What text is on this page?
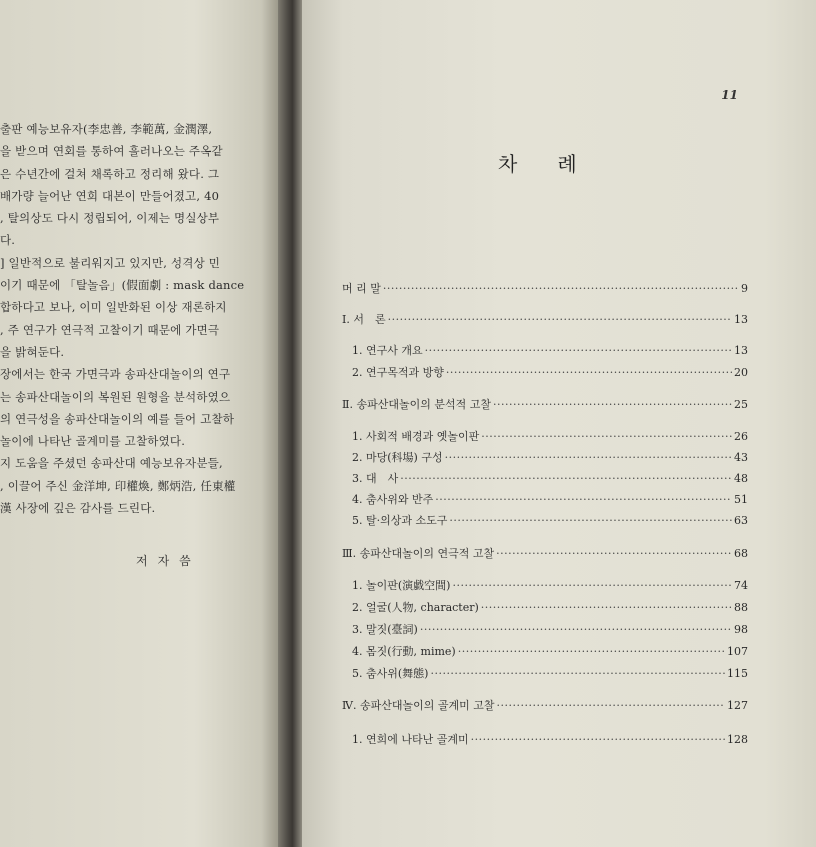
출판 예능보유자(李忠善, 李範萬, 金潤澤,
을 받으며 연회를 통하여 흘러나오는 주옥같
은 수년간에 걸쳐 채록하고 정리해 왔다. 그
배가량 늘어난 연희 대본이 만들어졌고, 40
, 탈의상도 다시 정립되어, 이제는 명실상부
다.
] 일반적으로 불리워지고 있지만, 성격상 민
이기 때문에 「탈놀음」(假面劇 : mask dance
합하다고 보나, 이미 일반화된 이상 재론하지
, 주 연구가 연극적 고찰이기 때문에 가면극
을 밝혀둔다.
장에서는 한국 가면극과 송파산대놀이의 연구
는 송파산대놀이의 복원된 원형을 분석하였으
의 연극성을 송파산대놀이의 예를 들어 고찰하
놀이에 나타난 골계미를 고찰하였다.
지 도움을 주셨던 송파산대 예능보유자분들,
, 이끌어 주신 金洋坤, 印權煥, 鄭炳浩, 任東權
漢 사장에 깊은 감사를 드린다.
저자씀
11
차례
머 리 말 ·····	9
Ⅰ. 서　론 ·····	13
1. 연구사 개요 ·····	13
2. 연구목적과 방향 ·····	20
Ⅱ. 송파산대놀이의 분석적 고찰 ·····	25
1. 사회적 배경과 옛놀이판 ·····	26
2. 마당(科場) 구성 ·····	43
3. 대　사 ·····	48
4. 춤사위와 반주 ·····	51
5. 탈·의상과 소도구 ·····	63
Ⅲ. 송파산대놀이의 연극적 고찰 ·····	68
1. 놀이판(演戱空間) ·····	74
2. 얼굴(人物, character) ·····	88
3. 말짓(臺詞) ·····	98
4. 몸짓(行動, mime) ·····	107
5. 춤사위(舞態) ·····	115
Ⅳ. 송파산대놀이의 골계미 고찰 ·····	127
1. 연희에 나타난 골계미 ·····	128
